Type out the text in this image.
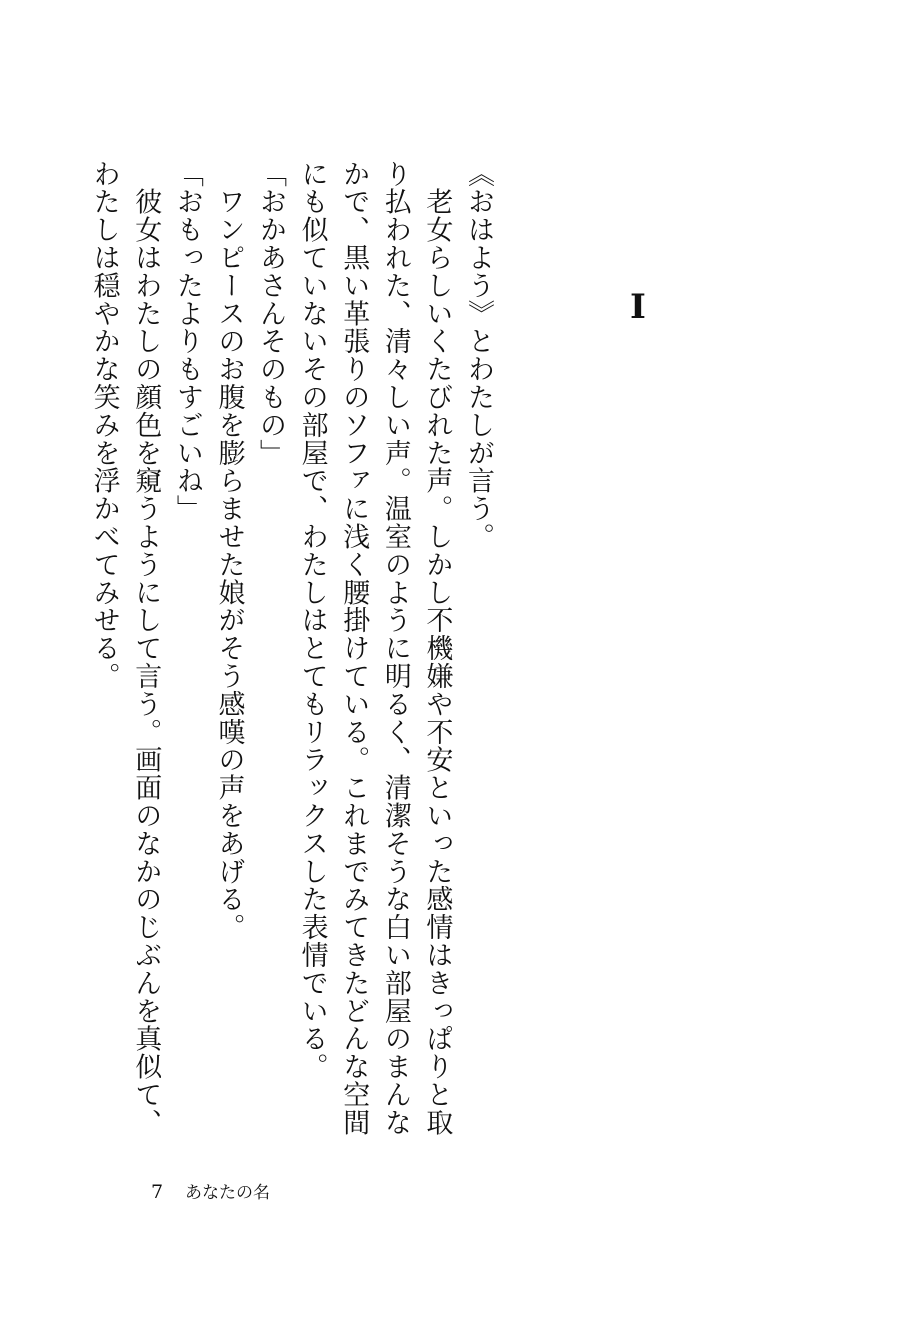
I

《おはよう》とわたしが言う。

　老女らしいくたびれた声。しかし不機嫌や不安といった感情はきっぱりと取り払われた、清々しい声。温室のように明るく、清潔そうな白い部屋のまんなかで、黒い革張りのソファに浅く腰掛けている。これまでみてきたどんな空間にも似ていないその部屋で、わたしはとてもリラックスした表情でいる。

「おかあさんそのもの」

　ワンピースのお腹を膨らませた娘がそう感嘆の声をあげる。

「おもったよりもすごいね」

　彼女はわたしの顔色を窺うようにして言う。画面のなかのじぶんを真似て、わたしは穏やかな笑みを浮かべてみせる。

7 あなたの名
